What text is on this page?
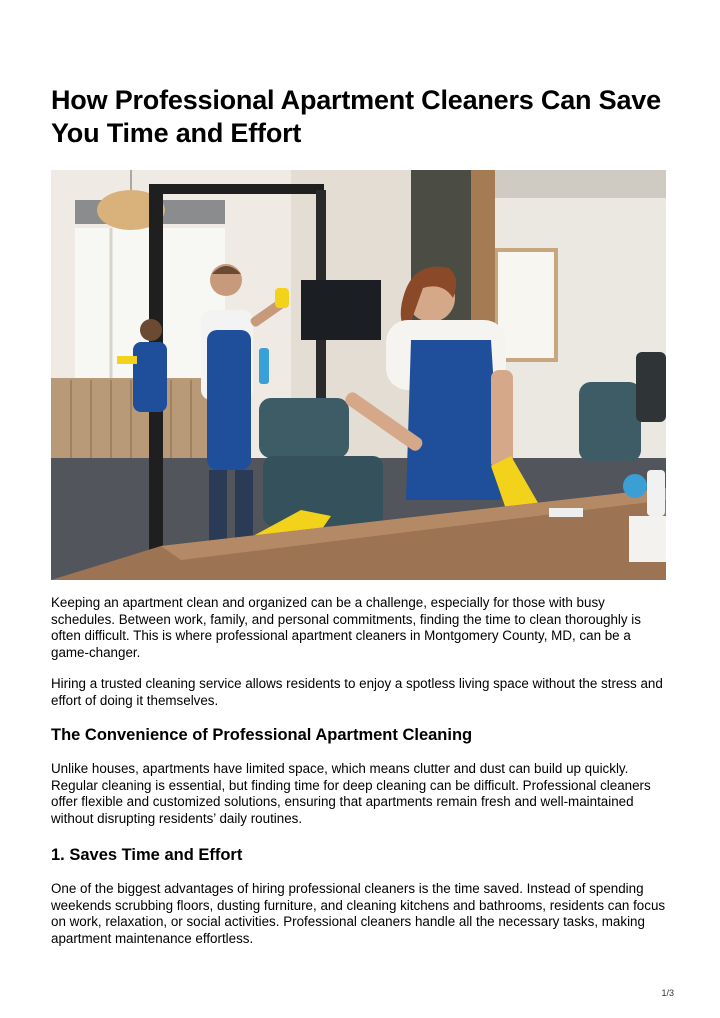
How Professional Apartment Cleaners Can Save You Time and Effort

Keeping an apartment clean and organized can be a challenge, especially for those with busy schedules. Between work, family, and personal commitments, finding the time to clean thoroughly is often difficult. This is where professional apartment cleaners in Montgomery County, MD, can be a game-changer.

Hiring a trusted cleaning service allows residents to enjoy a spotless living space without the stress and effort of doing it themselves.

The Convenience of Professional Apartment Cleaning

Unlike houses, apartments have limited space, which means clutter and dust can build up quickly. Regular cleaning is essential, but finding time for deep cleaning can be difficult. Professional cleaners offer flexible and customized solutions, ensuring that apartments remain fresh and well-maintained without disrupting residents’ daily routines.

1. Saves Time and Effort

One of the biggest advantages of hiring professional cleaners is the time saved. Instead of spending weekends scrubbing floors, dusting furniture, and cleaning kitchens and bathrooms, residents can focus on work, relaxation, or social activities. Professional cleaners handle all the necessary tasks, making apartment maintenance effortless.

1/3
